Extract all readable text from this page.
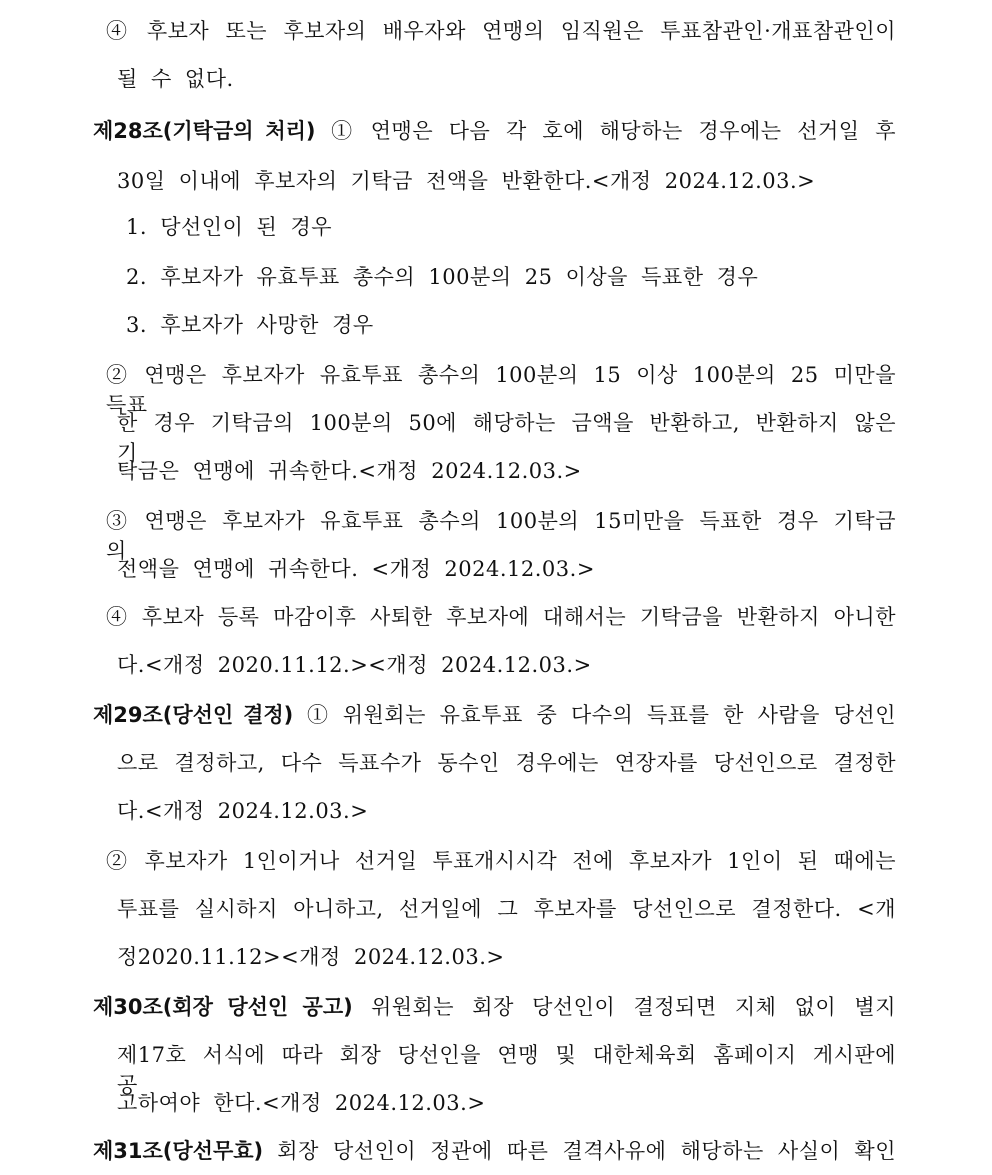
④ 후보자 또는 후보자의 배우자와 연맹의 임직원은 투표참관인·개표참관인이
될 수 없다.
제28조(기탁금의 처리) ① 연맹은 다음 각 호에 해당하는 경우에는 선거일 후
30일 이내에 후보자의 기탁금 전액을 반환한다.<개정 2024.12.03.>
1. 당선인이 된 경우
2. 후보자가 유효투표 총수의 100분의 25 이상을 득표한 경우
3. 후보자가 사망한 경우
② 연맹은 후보자가 유효투표 총수의 100분의 15 이상 100분의 25 미만을 득표
한 경우 기탁금의 100분의 50에 해당하는 금액을 반환하고, 반환하지 않은 기
탁금은 연맹에 귀속한다.<개정 2024.12.03.>
③ 연맹은 후보자가 유효투표 총수의 100분의 15미만을 득표한 경우 기탁금의
전액을 연맹에 귀속한다. <개정 2024.12.03.>
④ 후보자 등록 마감이후 사퇴한 후보자에 대해서는 기탁금을 반환하지 아니한
다.<개정 2020.11.12.><개정 2024.12.03.>
제29조(당선인 결정) ① 위원회는 유효투표 중 다수의 득표를 한 사람을 당선인
으로 결정하고, 다수 득표수가 동수인 경우에는 연장자를 당선인으로 결정한
다.<개정 2024.12.03.>
② 후보자가 1인이거나 선거일 투표개시시각 전에 후보자가 1인이 된 때에는
투표를 실시하지 아니하고, 선거일에 그 후보자를 당선인으로 결정한다. <개
정2020.11.12><개정 2024.12.03.>
제30조(회장 당선인 공고) 위원회는 회장 당선인이 결정되면 지체 없이 별지
제17호 서식에 따라 회장 당선인을 연맹 및 대한체육회 홈페이지 게시판에 공
고하여야 한다.<개정 2024.12.03.>
제31조(당선무효) 회장 당선인이 정관에 따른 결격사유에 해당하는 사실이 확인
